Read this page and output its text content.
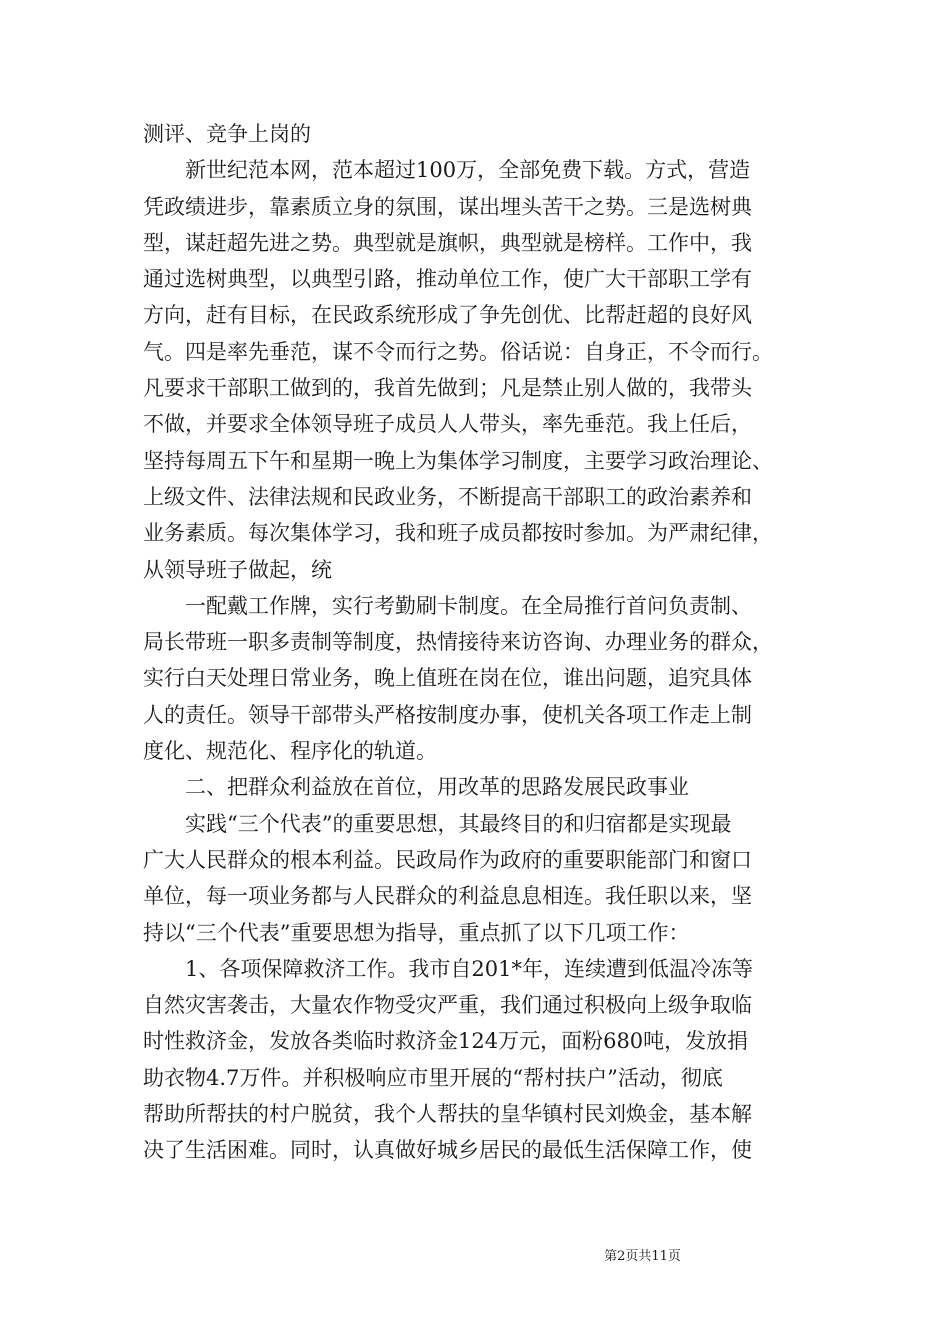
测评、竞争上岗的
新世纪范本网，范本超过100万，全部免费下载。方式，营造
凭政绩进步，靠素质立身的氛围，谋出埋头苦干之势。三是选树典
型，谋赶超先进之势。典型就是旗帜，典型就是榜样。工作中，我
通过选树典型，以典型引路，推动单位工作，使广大干部职工学有
方向，赶有目标，在民政系统形成了争先创优、比帮赶超的良好风
气。四是率先垂范，谋不令而行之势。俗话说：自身正，不令而行。
凡要求干部职工做到的，我首先做到；凡是禁止别人做的，我带头
不做，并要求全体领导班子成员人人带头，率先垂范。我上任后，
坚持每周五下午和星期一晚上为集体学习制度，主要学习政治理论、
上级文件、法律法规和民政业务，不断提高干部职工的政治素养和
业务素质。每次集体学习，我和班子成员都按时参加。为严肃纪律，
从领导班子做起，统
一配戴工作牌，实行考勤刷卡制度。在全局推行首问负责制、
局长带班一职多责制等制度，热情接待来访咨询、办理业务的群众，
实行白天处理日常业务，晚上值班在岗在位，谁出问题，追究具体
人的责任。领导干部带头严格按制度办事，使机关各项工作走上制
度化、规范化、程序化的轨道。
二、把群众利益放在首位，用改革的思路发展民政事业
实践“三个代表”的重要思想，其最终目的和归宿都是实现最
广大人民群众的根本利益。民政局作为政府的重要职能部门和窗口
单位，每一项业务都与人民群众的利益息息相连。我任职以来，坚
持以“三个代表”重要思想为指导，重点抓了以下几项工作：
1、各项保障救济工作。我市自201*年，连续遭到低温冷冻等
自然灾害袭击，大量农作物受灾严重，我们通过积极向上级争取临
时性救济金，发放各类临时救济金124万元，面粉680吨，发放捐
助衣物4.7万件。并积极响应市里开展的“帮村扶户”活动，彻底
帮助所帮扶的村户脱贫，我个人帮扶的皇华镇村民刘焕金，基本解
决了生活困难。同时，认真做好城乡居民的最低生活保障工作，使
第2页共11页
